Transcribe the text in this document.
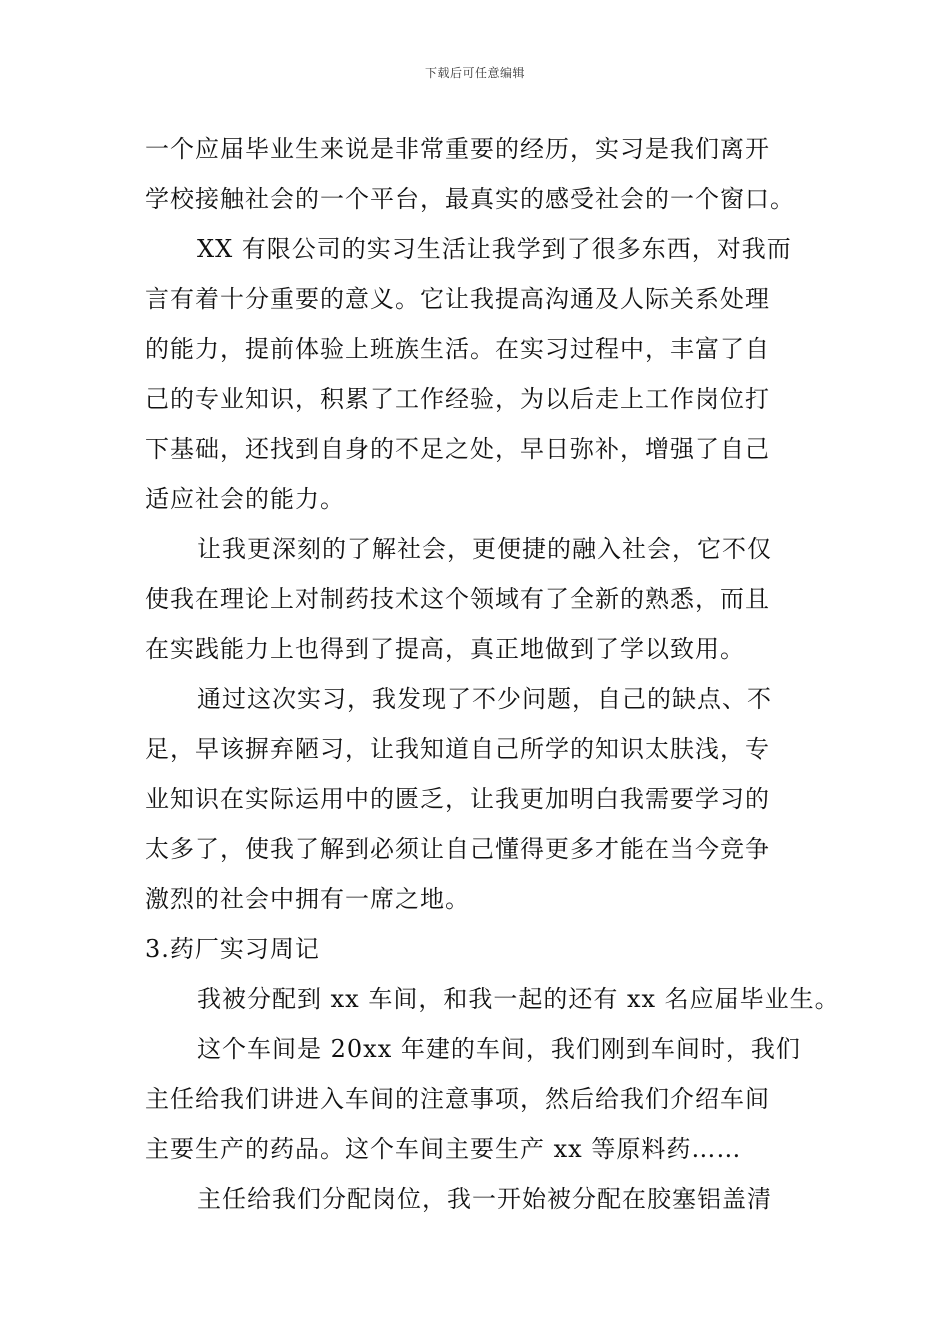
下载后可任意编辑
一个应届毕业生来说是非常重要的经历，实习是我们离开
学校接触社会的一个平台，最真实的感受社会的一个窗口。
XX 有限公司的实习生活让我学到了很多东西，对我而
言有着十分重要的意义。它让我提高沟通及人际关系处理
的能力，提前体验上班族生活。在实习过程中，丰富了自
己的专业知识，积累了工作经验，为以后走上工作岗位打
下基础，还找到自身的不足之处，早日弥补，增强了自己
适应社会的能力。
让我更深刻的了解社会，更便捷的融入社会，它不仅
使我在理论上对制药技术这个领域有了全新的熟悉，而且
在实践能力上也得到了提高，真正地做到了学以致用。
通过这次实习，我发现了不少问题，自己的缺点、不
足，早该摒弃陋习，让我知道自己所学的知识太肤浅，专
业知识在实际运用中的匮乏，让我更加明白我需要学习的
太多了，使我了解到必须让自己懂得更多才能在当今竞争
激烈的社会中拥有一席之地。
3.药厂实习周记
我被分配到 xx 车间，和我一起的还有 xx 名应届毕业生。
这个车间是 20xx 年建的车间，我们刚到车间时，我们
主任给我们讲进入车间的注意事项，然后给我们介绍车间
主要生产的药品。这个车间主要生产 xx 等原料药……
主任给我们分配岗位，我一开始被分配在胶塞铝盖清
